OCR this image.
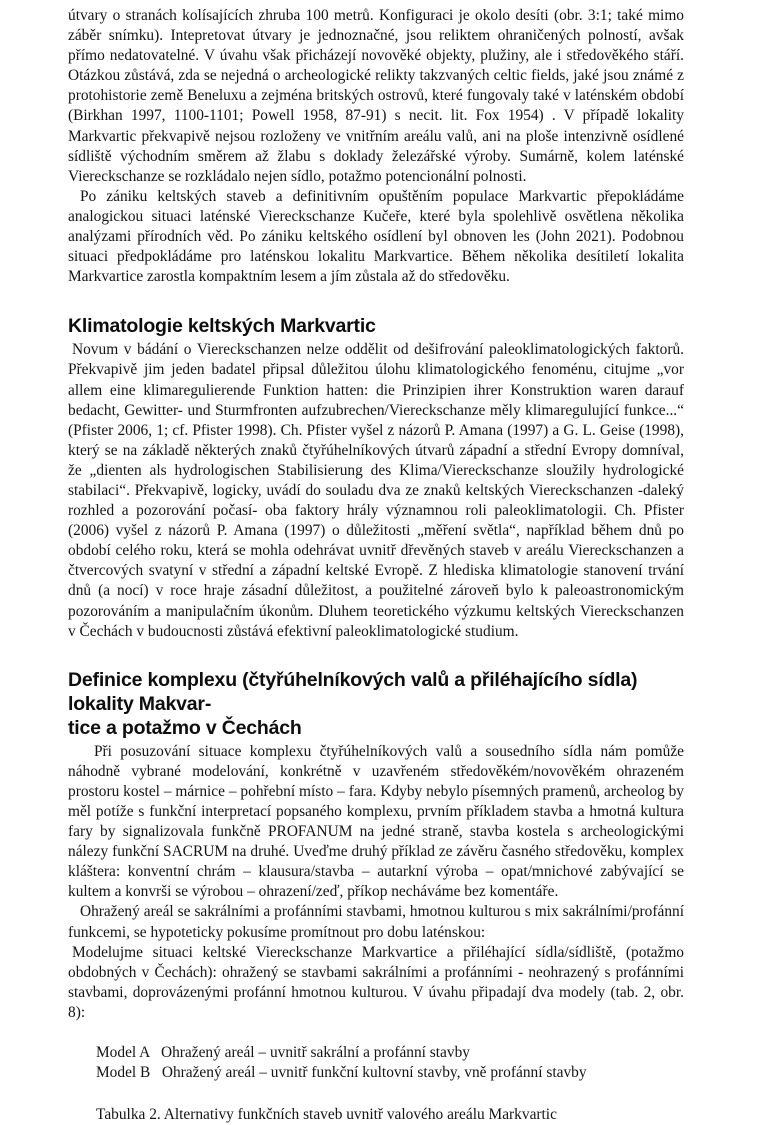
útvary o stranách kolísajících zhruba 100 metrů. Konfiguraci je okolo desíti (obr. 3:1; také mimo záběr snímku). Intepretovat útvary je jednoznačné, jsou reliktem ohraničených polností, avšak přímo nedatovatelné. V úvahu však přicházejí novověké objekty, plužiny, ale i středověkého stáří. Otázkou zůstává, zda se nejedná o archeologické relikty takzvaných celtic fields, jaké jsou známé z protohistorie země Beneluxu a zejména britských ostrovů, které fungovaly také v laténském období (Birkhan 1997, 1100-1101; Powell 1958, 87-91) s necit. lit. Fox 1954) . V případě lokality Markvartic překvapivě nejsou rozloženy ve vnitřním areálu valů, ani na ploše intenzivně osídlené sídliště východním směrem až žlabu s doklady železářské výroby. Sumárně, kolem laténské Viereckschanze se rozkládalo nejen sídlo, potažmo potencionální polnosti.

Po zániku keltských staveb a definitivním opuštěním populace Markvartic přepokládáme analogickou situaci laténské Viereckschanze Kučeře, které byla spolehlivě osvětlena několika analýzami přírodních věd. Po zániku keltského osídlení byl obnoven les (John 2021). Podobnou situaci předpokládáme pro laténskou lokalitu Markvartice. Během několika desítiletí lokalita Markvartice zarostla kompaktním lesem a jím zůstala až do středověku.

Klimatologie keltských Markvartic

Novum v bádání o Viereckschanzen nelze oddělit od dešifrování paleoklimatologických faktorů. Překvapivě jim jeden badatel připsal důležitou úlohu klimatologického fenoménu, citujme „vor allem eine klimaregulierende Funktion hatten: die Prinzipien ihrer Konstruktion waren darauf bedacht, Gewitter- und Sturmfronten aufzubrechen/Viereckschanze měly klimaregulující funkce...“ (Pfister 2006, 1; cf. Pfister 1998). Ch. Pfister vyšel z názorů P. Amana (1997) a G. L. Geise (1998), který se na základě některých znaků čtyřúhelníkových útvarů západní a střední Evropy domníval, že „dienten als hydrologischen Stabilisierung des Klima/Viereckschanze sloužily hydrologické stabilaci“. Překvapivě, logicky, uvádí do souladu dva ze znaků keltských Viereckschanzen -daleký rozhled a pozorování počasí- oba faktory hrály významnou roli paleoklimatologii. Ch. Pfister (2006) vyšel z názorů P. Amana (1997) o důležitosti „měření světla“, například během dnů po období celého roku, která se mohla odehrávat uvnitř dřevěných staveb v areálu Viereckschanzen a čtvercových svatyní v střední a západní keltské Evropě. Z hlediska klimatologie stanovení trvání dnů (a nocí) v roce hraje zásadní důležitost, a použitelné zároveň bylo k paleoastronomickým pozorováním a manipulačním úkonům. Dluhem teoretického výzkumu keltských Viereckschanzen v Čechách v budoucnosti zůstává efektivní paleoklimatologické studium.

Definice komplexu (čtyřúhelníkových valů a přiléhajícího sídla) lokality Makvar-
tice a potažmo v Čechách

Při posuzování situace komplexu čtyřúhelníkových valů a sousedního sídla nám pomůže náhodně vybrané modelování, konkrétně v uzavřeném středověkém/novověkém ohrazeném prostoru kostel – márnice – pohřební místo – fara. Kdyby nebylo písemných pramenů, archeolog by měl potíže s funkční interpretací popsaného komplexu, prvním příkladem stavba a hmotná kultura fary by signalizovala funkčně PROFANUM na jedné straně, stavba kostela s archeologickými nálezy funkční SACRUM na druhé. Uveďme druhý příklad ze závěru časného středověku, komplex kláštera: konventní chrám – klausura/stavba – autarkní výroba – opat/mnichové zabývající se kultem a konvrši se výrobou – ohrazení/zeď, příkop necháváme bez komentáře.

Ohražený areál se sakrálními a profánními stavbami, hmotnou kulturou s mix sakrálními/profánní funkcemi, se hypoteticky pokusíme promítnout pro dobu laténskou:

Modelujme situaci keltské Viereckschanze Markvartice a přiléhající sídla/sídliště, (potažmo obdobných v Čechách): ohražený se stavbami sakrálními a profánními - neohrazený s profánními stavbami, doprovázenými profánní hmotnou kulturou. V úvahu připadají dva modely (tab. 2, obr. 8):

Model A   Ohražený areál – uvnitř sakrální a profánní stavby

Model B   Ohražený areál – uvnitř funkční kultovní stavby, vně profánní stavby

Tabulka 2. Alternativy funkčních staveb uvnitř valového areálu Markvartic
